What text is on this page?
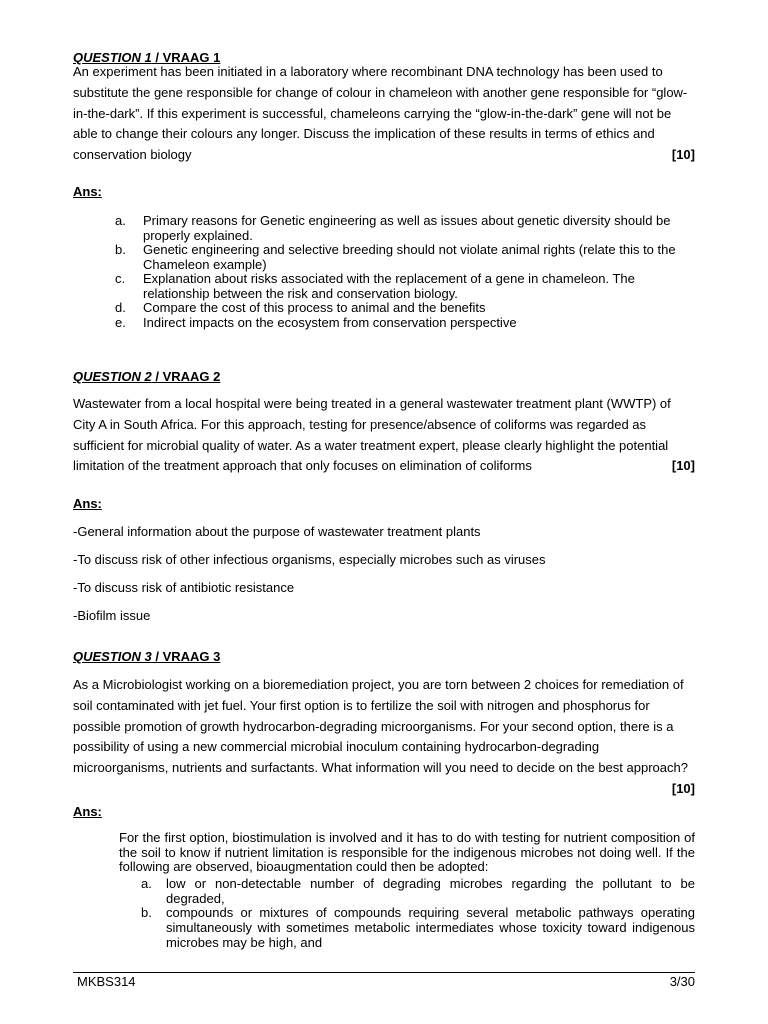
QUESTION 1 / VRAAG 1
An experiment has been initiated in a laboratory where recombinant DNA technology has been used to substitute the gene responsible for change of colour in chameleon with another gene responsible for “glow-in-the-dark”. If this experiment is successful, chameleons carrying the “glow-in-the-dark” gene will not be able to change their colours any longer. Discuss the implication of these results in terms of ethics and conservation biology	[10]
Ans:
a. Primary reasons for Genetic engineering as well as issues about genetic diversity should be properly explained.
b. Genetic engineering and selective breeding should not violate animal rights (relate this to the Chameleon example)
c. Explanation about risks associated with the replacement of a gene in chameleon. The relationship between the risk and conservation biology.
d. Compare the cost of this process to animal and the benefits
e. Indirect impacts on the ecosystem from conservation perspective
QUESTION 2 / VRAAG 2
Wastewater from a local hospital were being treated in a general wastewater treatment plant (WWTP) of City A in South Africa. For this approach, testing for presence/absence of coliforms was regarded as sufficient for microbial quality of water. As a water treatment expert, please clearly highlight the potential limitation of the treatment approach that only focuses on elimination of coliforms	[10]
Ans:
-General information about the purpose of wastewater treatment plants
-To discuss risk of other infectious organisms, especially microbes such as viruses
-To discuss risk of antibiotic resistance
-Biofilm issue
QUESTION 3 / VRAAG 3
As a Microbiologist working on a bioremediation project, you are torn between 2 choices for remediation of soil contaminated with jet fuel. Your first option is to fertilize the soil with nitrogen and phosphorus for possible promotion of growth hydrocarbon-degrading microorganisms. For your second option, there is a possibility of using a new commercial microbial inoculum containing hydrocarbon-degrading microorganisms, nutrients and surfactants. What information will you need to decide on the best approach?

[10]
Ans:
For the first option, biostimulation is involved and it has to do with testing for nutrient composition of the soil to know if nutrient limitation is responsible for the indigenous microbes not doing well. If the following are observed, bioaugmentation could then be adopted:
a. low or non-detectable number of degrading microbes regarding the pollutant to be degraded,
b. compounds or mixtures of compounds requiring several metabolic pathways operating simultaneously with sometimes metabolic intermediates whose toxicity toward indigenous microbes may be high, and
MKBS314	3/30
